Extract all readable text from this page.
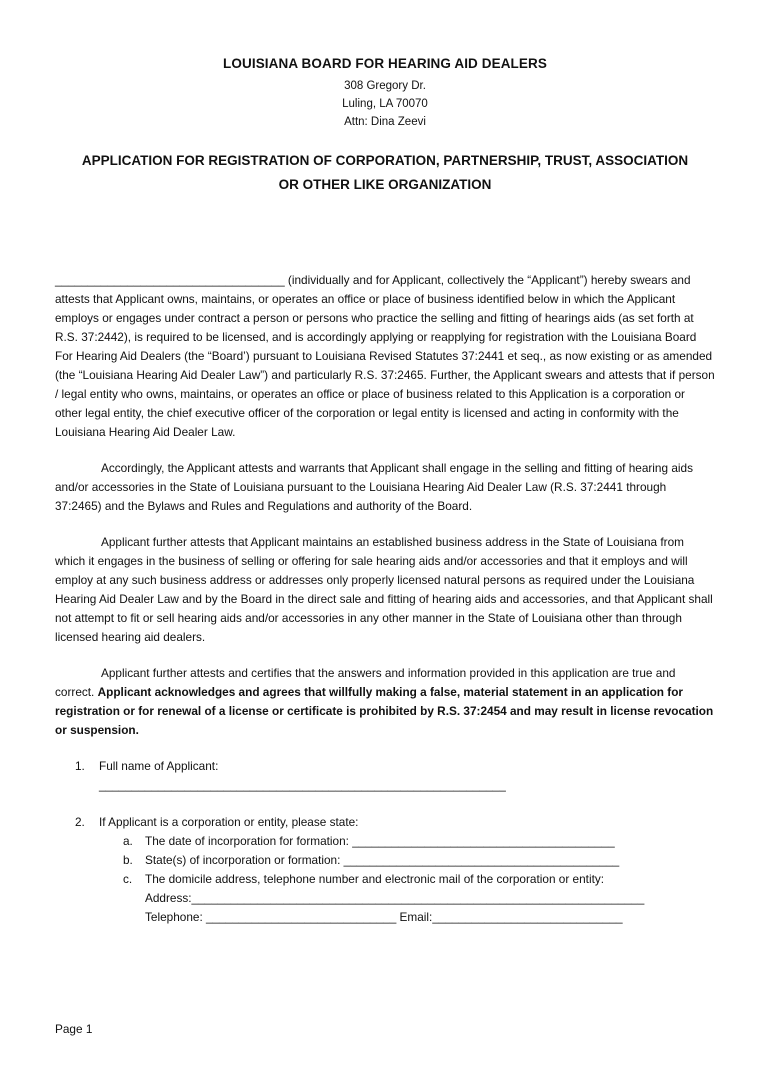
LOUISIANA BOARD FOR HEARING AID DEALERS
308 Gregory Dr.
Luling, LA 70070
Attn: Dina Zeevi
APPLICATION FOR REGISTRATION OF CORPORATION, PARTNERSHIP, TRUST, ASSOCIATION
OR OTHER LIKE ORGANIZATION

___________________________________ (individually and for Applicant, collectively the “Applicant”) hereby swears and attests that Applicant owns, maintains, or operates an office or place of business identified below in which the Applicant employs or engages under contract a person or persons who practice the selling and fitting of hearings aids (as set forth at R.S. 37:2442), is required to be licensed, and is accordingly applying or reapplying for registration with the Louisiana Board For Hearing Aid Dealers (the “Board’) pursuant to Louisiana Revised Statutes 37:2441 et seq., as now existing or as amended (the “Louisiana Hearing Aid Dealer Law”) and particularly R.S. 37:2465. Further, the Applicant swears and attests that if person / legal entity who owns, maintains, or operates an office or place of business related to this Application is a corporation or other legal entity, the chief executive officer of the corporation or legal entity is licensed and acting in conformity with the Louisiana Hearing Aid Dealer Law.

Accordingly, the Applicant attests and warrants that Applicant shall engage in the selling and fitting of hearing aids and/or accessories in the State of Louisiana pursuant to the Louisiana Hearing Aid Dealer Law (R.S. 37:2441 through 37:2465) and the Bylaws and Rules and Regulations and authority of the Board.

Applicant further attests that Applicant maintains an established business address in the State of Louisiana from which it engages in the business of selling or offering for sale hearing aids and/or accessories and that it employs and will employ at any such business address or addresses only properly licensed natural persons as required under the Louisiana Hearing Aid Dealer Law and by the Board in the direct sale and fitting of hearing aids and accessories, and that Applicant shall not attempt to fit or sell hearing aids and/or accessories in any other manner in the State of Louisiana other than through licensed hearing aid dealers.

Applicant further attests and certifies that the answers and information provided in this application are true and correct. Applicant acknowledges and agrees that willfully making a false, material statement in an application for registration or for renewal of a license or certificate is prohibited by R.S. 37:2454 and may result in license revocation or suspension.

1. Full name of Applicant:
______________________________________________________________
2. If Applicant is a corporation or entity, please state:
a. The date of incorporation for formation: ________________________________________
b. State(s) of incorporation or formation: __________________________________________
c. The domicile address, telephone number and electronic mail of the corporation or entity:
Address:_____________________________________________________________________
Telephone: _____________________________ Email:_____________________________
Page 1
